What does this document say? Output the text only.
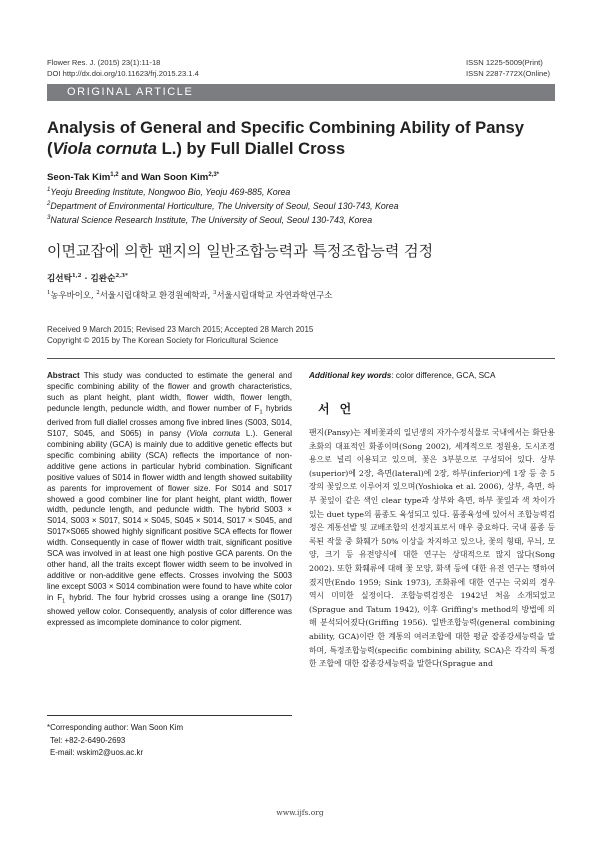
Flower Res. J. (2015) 23(1):11-18
DOI http://dx.doi.org/10.11623/frj.2015.23.1.4
ISSN 1225-5009(Print)
ISSN 2287-772X(Online)
ORIGINAL ARTICLE
Analysis of General and Specific Combining Ability of Pansy (Viola cornuta L.) by Full Diallel Cross
Seon-Tak Kim$^{1,2}$ and Wan Soon Kim$^{2,3*}$
$^1$Yeoju Breeding Institute, Nongwoo Bio, Yeoju 469-885, Korea
$^2$Department of Environmental Horticulture, The University of Seoul, Seoul 130-743, Korea
$^3$Natural Science Research Institute, The University of Seoul, Seoul 130-743, Korea
이면교잡에 의한 팬지의 일반조합능력과 특정조합능력 검정
김선탁$^{1,2}$ · 김완순$^{2,3*}$
$^1$농우바이오, $^2$서울시립대학교 환경원예학과, $^3$서울시립대학교 자연과학연구소
Received 9 March 2015; Revised 23 March 2015; Accepted 28 March 2015
Copyright © 2015 by The Korean Society for Floricultural Science
Abstract This study was conducted to estimate the general and specific combining ability of the flower and growth characteristics, such as plant height, plant width, flower width, flower length, peduncle length, peduncle width, and flower number of $F_1$ hybrids derived from full diallel crosses among five inbred lines (S003, S014, S107, S045, and S065) in pansy (Viola cornuta L.). General combining ability (GCA) is mainly due to additive genetic effects but specific combining ability (SCA) reflects the importance of non-additive gene actions in particular hybrid combination. Significant positive values of S014 in flower width and length showed suitability as parents for improvement of flower size. For S014 and S017 showed a good combiner line for plant height, plant width, flower width, peduncle length, and peduncle width. The hybrid S003 × S014, S003 × S017, S014 × S045, S045 × S014, S017 × S045, and S017×S065 showed highly significant positive SCA effects for flower width. Consequently in case of flower width trait, significant positive SCA was involved in at least one high postive GCA parents. On the other hand, all the traits except flower width seem to be involved in additive or non-additive gene effects. Crosses involving the S003 line except S003 × S014 combination were found to have white color in $F_1$ hybrid. The four hybrid crosses using a orange line (S017) showed yellow color. Consequently, analysis of color difference was expressed as imcomplete dominance to color pigment.
*Corresponding author: Wan Soon Kim
Tel: +82-2-6490-2693
E-mail: wskim2@uos.ac.kr
Additional key words: color difference, GCA, SCA
서언
팬지(Pansy)는 제비꽃과의 일년생의 자가수정식물로 국내에서는 화단용 초화의 대표적인 화종이며(Song 2002), 세계적으로 정원용, 도시조경용으로 널리 이용되고 있으며, 꽃은 3부분으로 구성되어 있다. 상부(superior)에 2장, 측면(lateral)에 2장, 하부(inferior)에 1장 등 총 5장의 꽃잎으로 이루어져 있으며(Yoshioka et al. 2006), 상부, 측면, 하부 꽃잎이 같은 색인 clear type과 상부와 측면, 하부 꽃잎과 색 차이가 있는 duet type의 품종도 육성되고 있다. 품종육성에 있어서 조합능력검정은 계통선발 및 교배조합의 선정지표로서 매우 중요하다. 국내 품종 등록된 작물 중 화훼가 50% 이상을 차지하고 있으나, 꽃의 형태, 무늬, 모양, 크기 등 유전양식에 대한 연구는 상대적으로 많지 않다(Song 2002). 또한 화훼류에 대해 꽃 모양, 화색 등에 대한 유전 연구는 행하여졌지만(Endo 1959; Sink 1973), 조화류에 대한 연구는 국외의 경우 역시 미미한 실정이다. 조합능력검정은 1942년 처음 소개되었고(Sprague and Tatum 1942), 이후 Griffing's method의 방법에 의해 분석되어졌다(Griffing 1956). 일반조합능력(general combining ability, GCA)이란 한 계통의 여러조합에 대한 평균 잡종강세능력을 말하며, 특정조합능력(specific combining ability, SCA)은 각각의 특정한 조합에 대한 잡종강세능력을 말한다(Sprague and
www.ijfs.org
